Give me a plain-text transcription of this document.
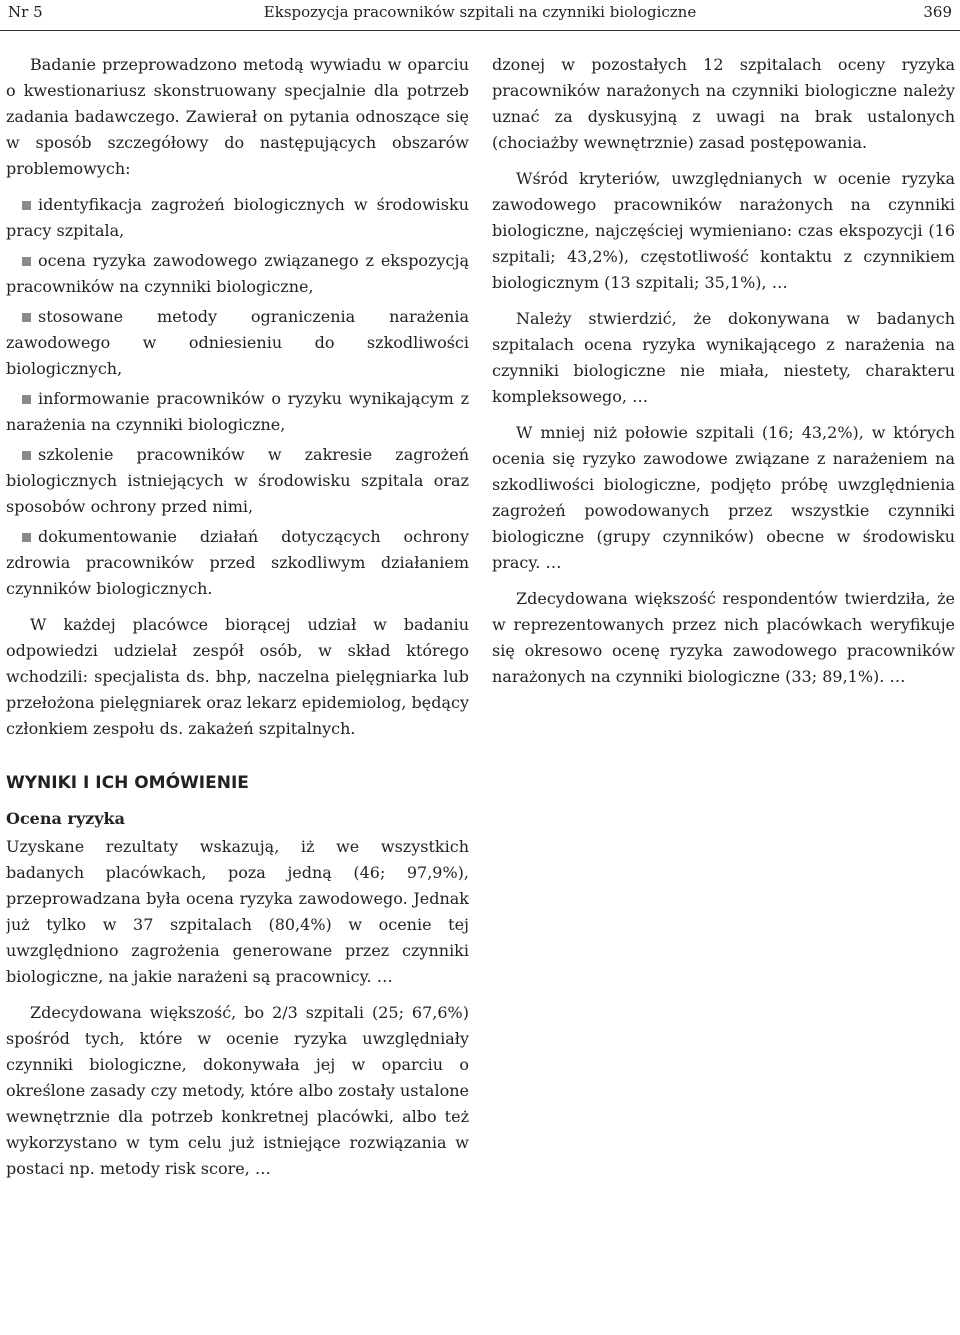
Nr 5	Ekspozycja pracowników szpitali na czynniki biologiczne	369

Badanie przeprowadzono metodą wywiadu w oparciu o kwestionariusz skonstruowany specjalnie dla potrzeb zadania badawczego. Zawierał on pytania odnoszące się w sposób szczegółowy do następujących obszarów problemowych:

identyfikacja zagrożeń biologicznych w środowisku pracy szpitala,
ocena ryzyka zawodowego związanego z ekspozycją pracowników na czynniki biologiczne,
stosowane metody ograniczenia narażenia zawodowego w odniesieniu do szkodliwości biologicznych,
informowanie pracowników o ryzyku wynikającym z narażenia na czynniki biologiczne,
szkolenie pracowników w zakresie zagrożeń biologicznych istniejących w środowisku szpitala oraz sposobów ochrony przed nimi,
dokumentowanie działań dotyczących ochrony zdrowia pracowników przed szkodliwym działaniem czynników biologicznych.

W każdej placówce biorącej udział w badaniu odpowiedzi udzielał zespół osób, w skład którego wchodzili: specjalista ds. bhp, naczelna pielęgniarka lub przełożona pielęgniarek oraz lekarz epidemiolog, będący członkiem zespołu ds. zakażeń szpitalnych.

WYNIKI I ICH OMÓWIENIE
Ocena ryzyka

Uzyskane rezultaty wskazują, iż we wszystkich badanych placówkach, poza jedną (46; 97,9%), przeprowadzana była ocena ryzyka zawodowego. Jednak już tylko w 37 szpitalach (80,4%) w ocenie tej uwzględniono zagrożenia generowane przez czynniki biologiczne, na jakie narażeni są pracownicy. …

Zdecydowana większość, bo 2/3 szpitali (25; 67,6%) spośród tych, które w ocenie ryzyka uwzględniały czynniki biologiczne, dokonywała jej w oparciu o określone zasady czy metody, które albo zostały ustalone wewnętrznie dla potrzeb konkretnej placówki, albo też wykorzystano w tym celu już istniejące rozwiązania w postaci np. metody risk score, …

dzonej w pozostałych 12 szpitalach oceny ryzyka pracowników narażonych na czynniki biologiczne należy uznać za dyskusyjną z uwagi na brak ustalonych (chociażby wewnętrznie) zasad postępowania.

Wśród kryteriów, uwzględnianych w ocenie ryzyka zawodowego pracowników narażonych na czynniki biologiczne, najczęściej wymieniano: czas ekspozycji (16 szpitali; 43,2%), częstotliwość kontaktu z czynnikiem biologicznym (13 szpitali; 35,1%), …

Należy stwierdzić, że dokonywana w badanych szpitalach ocena ryzyka wynikającego z narażenia na czynniki biologiczne nie miała, niestety, charakteru kompleksowego, …

W mniej niż połowie szpitali (16; 43,2%), w których ocenia się ryzyko zawodowe związane z narażeniem na szkodliwości biologiczne, podjęto próbę uwzględnienia zagrożeń powodowanych przez wszystkie czynniki biologiczne (grupy czynników) obecne w środowisku pracy. …

Zdecydowana większość respondentów twierdziła, że w reprezentowanych przez nich placówkach weryfikuje się okresowo ocenę ryzyka zawodowego pracowników narażonych na czynniki biologiczne (33; 89,1%). …
